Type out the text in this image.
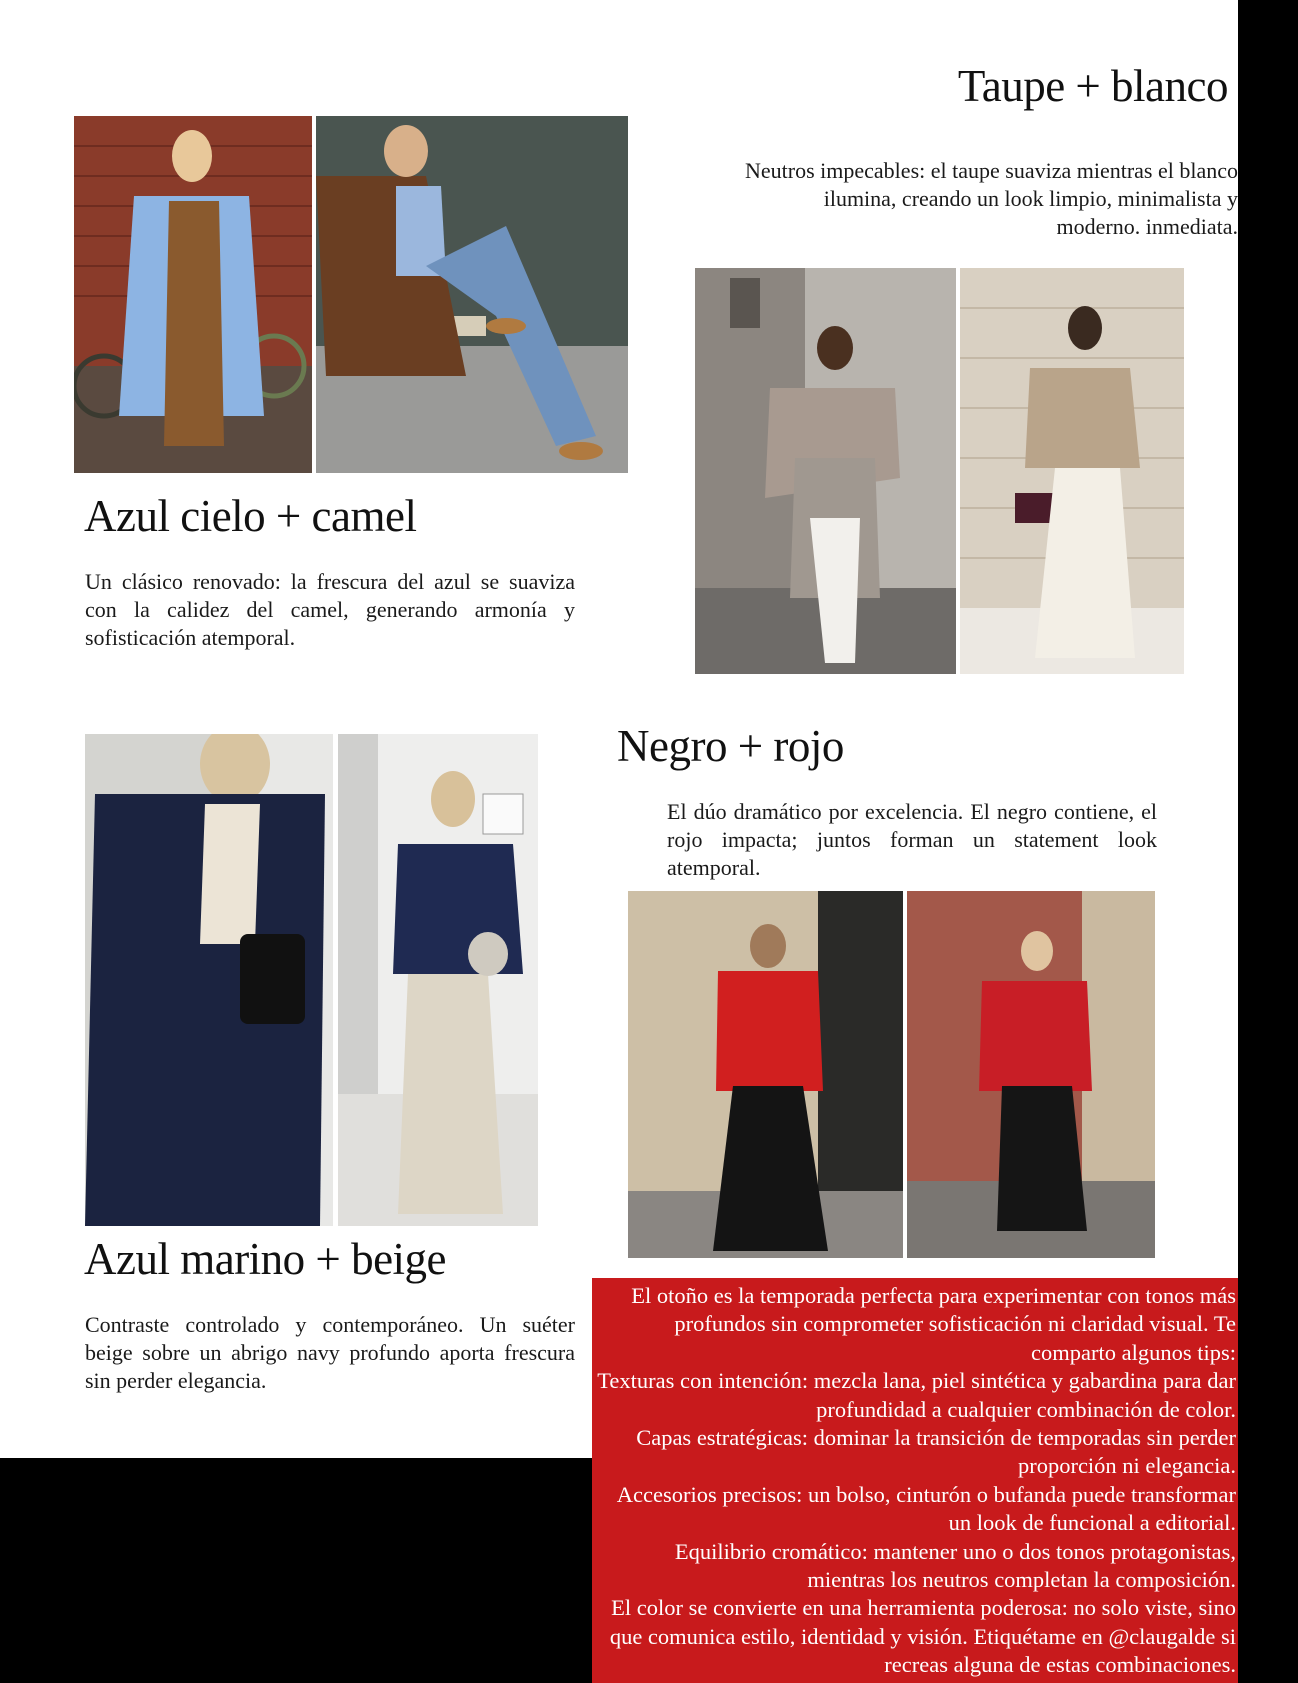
Azul cielo + camel

Un clásico renovado: la frescura del azul se suaviza con la calidez del camel, generando armonía y sofisticación atemporal.

Taupe + blanco

Neutros impecables: el taupe suaviza mientras el blanco ilumina, creando un look limpio, minimalista y moderno. inmediata.

Azul marino + beige

Contraste controlado y contemporáneo. Un suéter beige sobre un abrigo navy profundo aporta frescura sin perder elegancia.

Negro + rojo

El dúo dramático por excelencia. El negro contiene, el rojo impacta; juntos forman un statement look atemporal.

El otoño es la temporada perfecta para experimentar con tonos más profundos sin comprometer sofisticación ni claridad visual. Te comparto algunos tips:

Texturas con intención: mezcla lana, piel sintética y gabardina para dar profundidad a cualquier combinación de color.

Capas estratégicas: dominar la transición de temporadas sin perder proporción ni elegancia.

Accesorios precisos: un bolso, cinturón o bufanda puede transformar un look de funcional a editorial.

Equilibrio cromático: mantener uno o dos tonos protagonistas, mientras los neutros completan la composición.

El color se convierte en una herramienta poderosa: no solo viste, sino que comunica estilo, identidad y visión. Etiquétame en @claugalde si recreas alguna de estas combinaciones.
